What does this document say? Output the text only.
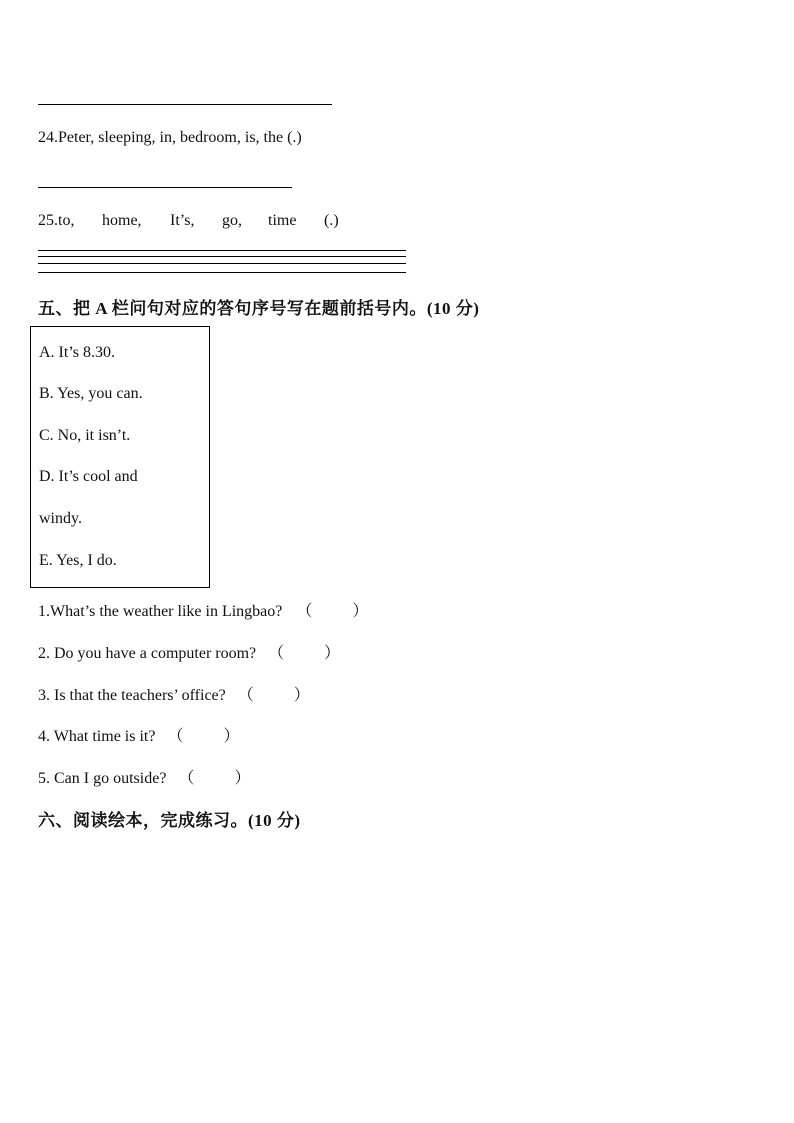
24.Peter, sleeping, in, bedroom, is, the (.)
25.to, home, It’s, go, time (.)
五、把 A 栏问句对应的答句序号写在题前括号内。(10 分)
A. It’s 8.30.
B. Yes, you can.
C. No, it isn’t.
D. It’s cool and
windy.
E. Yes, I do.
1.What’s the weather like in Lingbao? （	）
2. Do you have a computer room? （	）
3. Is that the teachers’ office? （	）
4. What time is it? （	）
5. Can I go outside? （	）
六、阅读绘本，完成练习。(10 分)
